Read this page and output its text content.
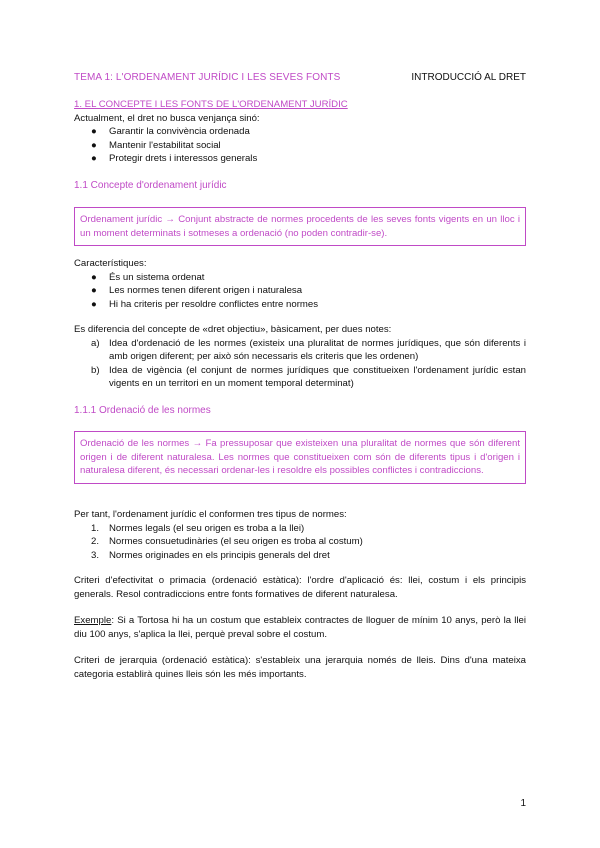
TEMA 1: L'ORDENAMENT JURÍDIC I LES SEVES FONTS	INTRODUCCIÓ AL DRET
1. EL CONCEPTE I LES FONTS DE L'ORDENAMENT JURÍDIC
Actualment, el dret no busca venjança sinó:
● Garantir la convivència ordenada
● Mantenir l'estabilitat social
● Protegir drets i interessos generals
1.1 Concepte d'ordenament jurídic
Ordenament jurídic → Conjunt abstracte de normes procedents de les seves fonts vigents en un lloc i un moment determinats i sotmeses a ordenació (no poden contradir-se).
Característiques:
● És un sistema ordenat
● Les normes tenen diferent origen i naturalesa
● Hi ha criteris per resoldre conflictes entre normes
Es diferencia del concepte de «dret objectiu», bàsicament, per dues notes:
a) Idea d'ordenació de les normes (existeix una pluralitat de normes jurídiques, que són diferents i amb origen diferent; per això són necessaris els criteris que les ordenen)
b) Idea de vigència (el conjunt de normes jurídiques que constitueixen l'ordenament jurídic estan vigents en un territori en un moment temporal determinat)
1.1.1 Ordenació de les normes
Ordenació de les normes → Fa pressuposar que existeixen una pluralitat de normes que són diferent origen i de diferent naturalesa. Les normes que constitueixen com són de diferents tipus i d'origen i naturalesa diferent, és necessari ordenar-les i resoldre els possibles conflictes i contradiccions.
Per tant, l'ordenament jurídic el conformen tres tipus de normes:
1. Normes legals (el seu origen es troba a la llei)
2. Normes consuetudinàries (el seu origen es troba al costum)
3. Normes originades en els principis generals del dret
Criteri d'efectivitat o primacia (ordenació estàtica): l'ordre d'aplicació és: llei, costum i els principis generals. Resol contradiccions entre fonts formatives de diferent naturalesa.
Exemple: Si a Tortosa hi ha un costum que estableix contractes de lloguer de mínim 10 anys, però la llei diu 100 anys, s'aplica la llei, perquè preval sobre el costum.
Criteri de jerarquia (ordenació estàtica): s'estableix una jerarquia només de lleis. Dins d'una mateixa categoria establirà quines lleis són les més importants.
1
